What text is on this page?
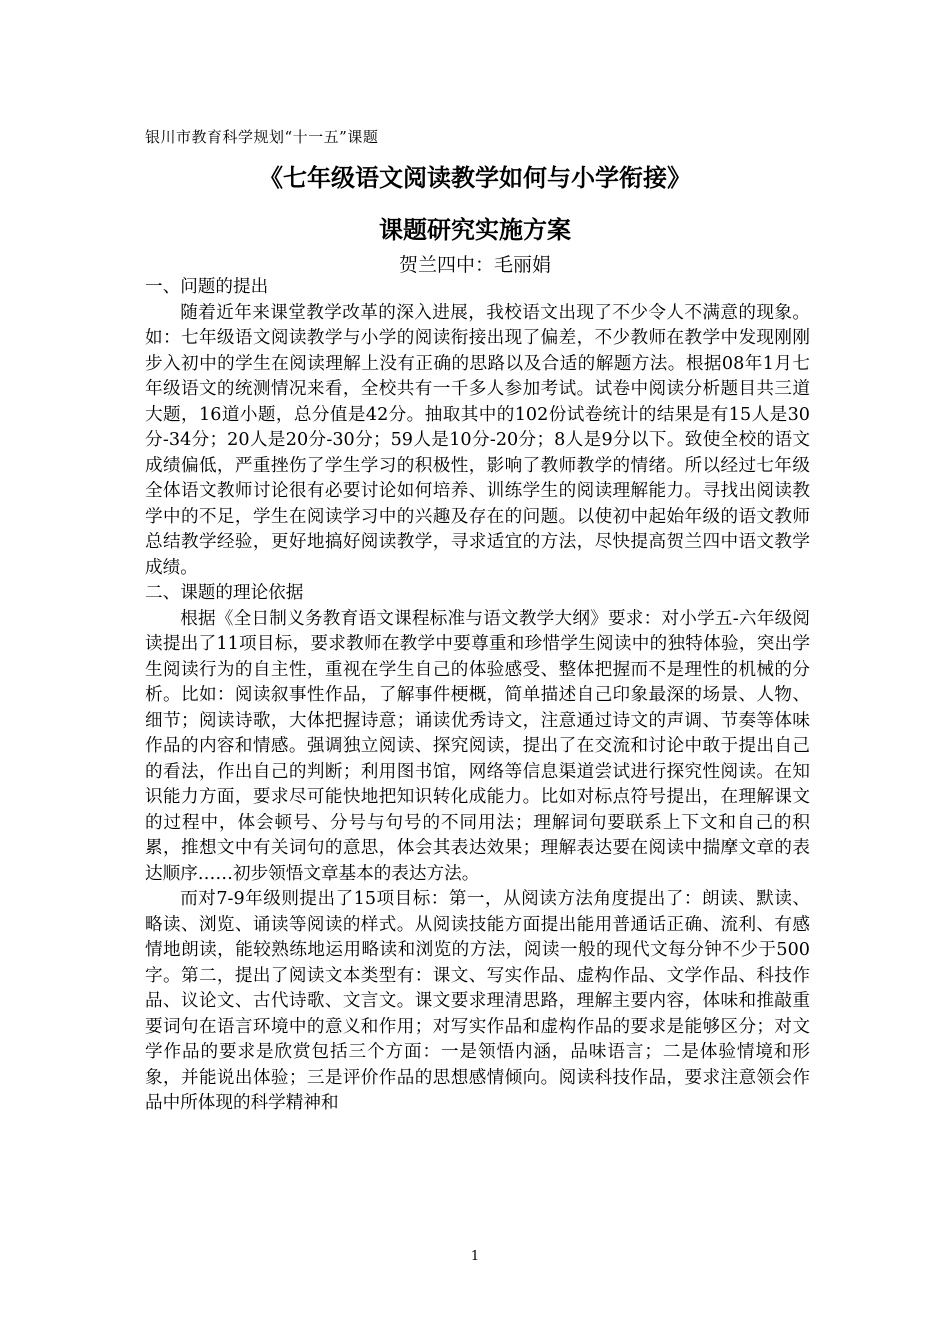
银川市教育科学规划“十一五”课题
《七年级语文阅读教学如何与小学衔接》
课题研究实施方案
贺兰四中：毛丽娟
一、问题的提出

随着近年来课堂教学改革的深入进展，我校语文出现了不少令人不满意的现象。如：七年级语文阅读教学与小学的阅读衔接出现了偏差，不少教师在教学中发现刚刚步入初中的学生在阅读理解上没有正确的思路以及合适的解题方法。根据08年1月七年级语文的统测情况来看，全校共有一千多人参加考试。试卷中阅读分析题目共三道大题，16道小题，总分值是42分。抽取其中的102份试卷统计的结果是有15人是30分-34分；20人是20分-30分；59人是10分-20分；8人是9分以下。致使全校的语文成绩偏低，严重挫伤了学生学习的积极性，影响了教师教学的情绪。所以经过七年级全体语文教师讨论很有必要讨论如何培养、训练学生的阅读理解能力。寻找出阅读教学中的不足，学生在阅读学习中的兴趣及存在的问题。以使初中起始年级的语文教师总结教学经验，更好地搞好阅读教学，寻求适宜的方法，尽快提高贺兰四中语文教学成绩。

二、课题的理论依据

根据《全日制义务教育语文课程标准与语文教学大纲》要求：对小学五-六年级阅读提出了11项目标，要求教师在教学中要尊重和珍惜学生阅读中的独特体验，突出学生阅读行为的自主性，重视在学生自己的体验感受、整体把握而不是理性的机械的分析。比如：阅读叙事性作品，了解事件梗概，简单描述自己印象最深的场景、人物、细节；阅读诗歌，大体把握诗意；诵读优秀诗文，注意通过诗文的声调、节奏等体味作品的内容和情感。强调独立阅读、探究阅读，提出了在交流和讨论中敢于提出自己的看法，作出自己的判断；利用图书馆，网络等信息渠道尝试进行探究性阅读。在知识能力方面，要求尽可能快地把知识转化成能力。比如对标点符号提出，在理解课文的过程中，体会顿号、分号与句号的不同用法；理解词句要联系上下文和自己的积累，推想文中有关词句的意思，体会其表达效果；理解表达要在阅读中揣摩文章的表达顺序……初步领悟文章基本的表达方法。

而对7-9年级则提出了15项目标：第一，从阅读方法角度提出了：朗读、默读、略读、浏览、诵读等阅读的样式。从阅读技能方面提出能用普通话正确、流利、有感情地朗读，能较熟练地运用略读和浏览的方法，阅读一般的现代文每分钟不少于500字。第二，提出了阅读文本类型有：课文、写实作品、虚构作品、文学作品、科技作品、议论文、古代诗歌、文言文。课文要求理清思路，理解主要内容，体味和推敲重要词句在语言环境中的意义和作用；对写实作品和虚构作品的要求是能够区分；对文学作品的要求是欣赏包括三个方面：一是领悟内涵，品味语言；二是体验情境和形象，并能说出体验；三是评价作品的思想感情倾向。阅读科技作品，要求注意领会作品中所体现的科学精神和

1
